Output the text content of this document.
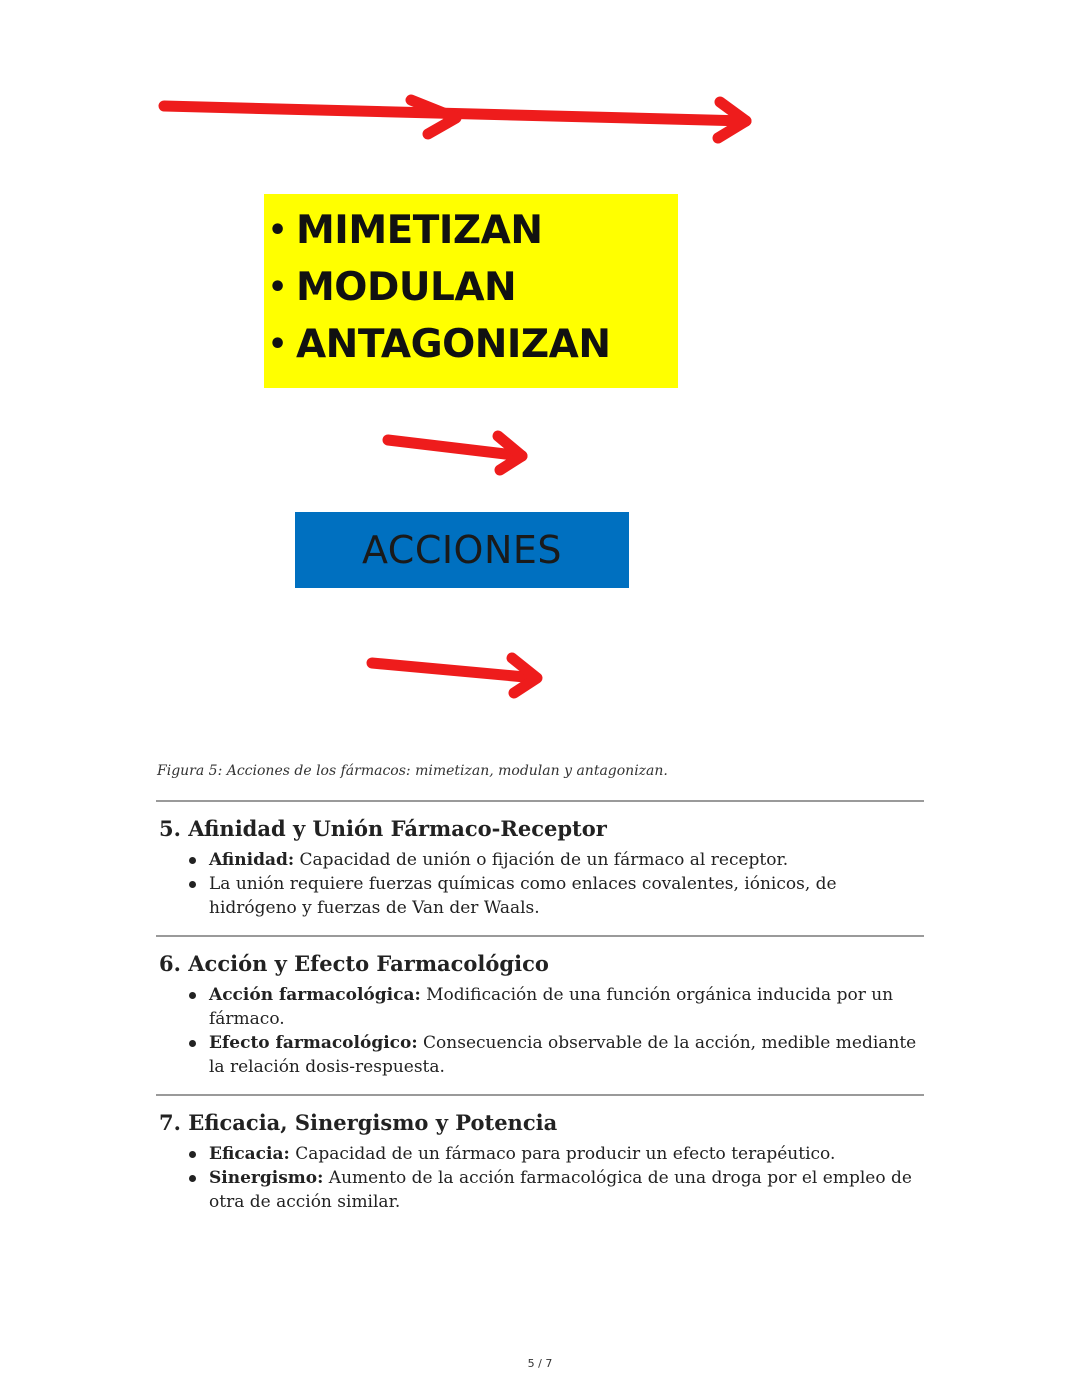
• MIMETIZAN
• MODULAN
• ANTAGONIZAN
ACCIONES
Figura 5: Acciones de los fármacos: mimetizan, modulan y antagonizan.
5. Afinidad y Unión Fármaco-Receptor
Afinidad: Capacidad de unión o fijación de un fármaco al receptor.
La unión requiere fuerzas químicas como enlaces covalentes, iónicos, de hidrógeno y fuerzas de Van der Waals.
6. Acción y Efecto Farmacológico
Acción farmacológica: Modificación de una función orgánica inducida por un fármaco.
Efecto farmacológico: Consecuencia observable de la acción, medible mediante la relación dosis-respuesta.
7. Eficacia, Sinergismo y Potencia
Eficacia: Capacidad de un fármaco para producir un efecto terapéutico.
Sinergismo: Aumento de la acción farmacológica de una droga por el empleo de otra de acción similar.
5 / 7
